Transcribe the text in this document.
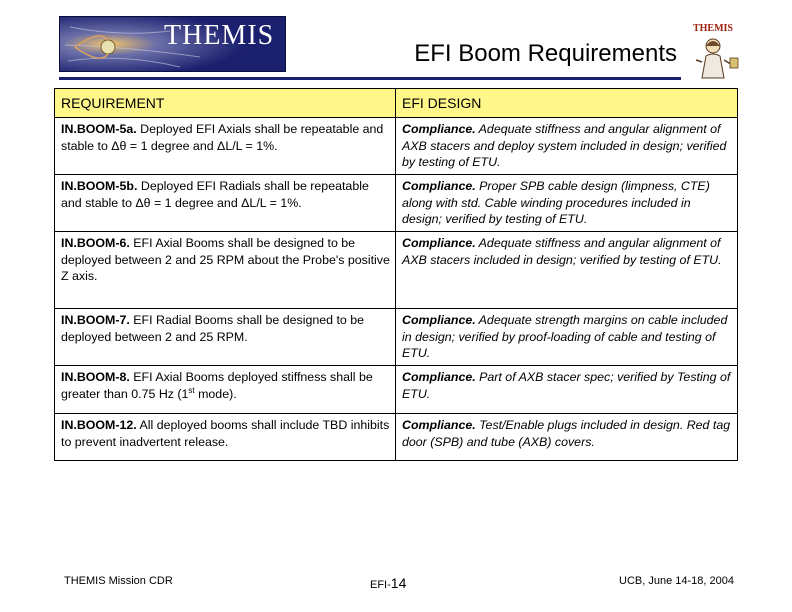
THEMIS
EFI Boom Requirements
THEMIS
REQUIREMENT	EFI DESIGN
IN.BOOM-5a. Deployed EFI Axials shall be repeatable and stable to Δθ = 1 degree and ΔL/L = 1%.	Compliance. Adequate stiffness and angular alignment of AXB stacers and deploy system included in design; verified by testing of ETU.
IN.BOOM-5b. Deployed EFI Radials shall be repeatable and stable to Δθ = 1 degree and ΔL/L = 1%.	Compliance. Proper SPB cable design (limpness, CTE) along with std. Cable winding procedures included in design; verified by testing of ETU.
IN.BOOM-6. EFI Axial Booms shall be designed to be deployed between 2 and 25 RPM about the Probe's positive Z axis.	Compliance. Adequate stiffness and angular alignment of AXB stacers included in design; verified by testing of ETU.
IN.BOOM-7. EFI Radial Booms shall be designed to be deployed between 2 and 25 RPM.	Compliance. Adequate strength margins on cable included in design; verified by proof-loading of cable and testing of ETU.
IN.BOOM-8. EFI Axial Booms deployed stiffness shall be greater than 0.75 Hz (1st mode).	Compliance. Part of AXB stacer spec; verified by Testing of ETU.
IN.BOOM-12. All deployed booms shall include TBD inhibits to prevent inadvertent release.	Compliance. Test/Enable plugs included in design. Red tag door (SPB) and tube (AXB) covers.
THEMIS Mission CDR	EFI-14	UCB, June 14-18, 2004
